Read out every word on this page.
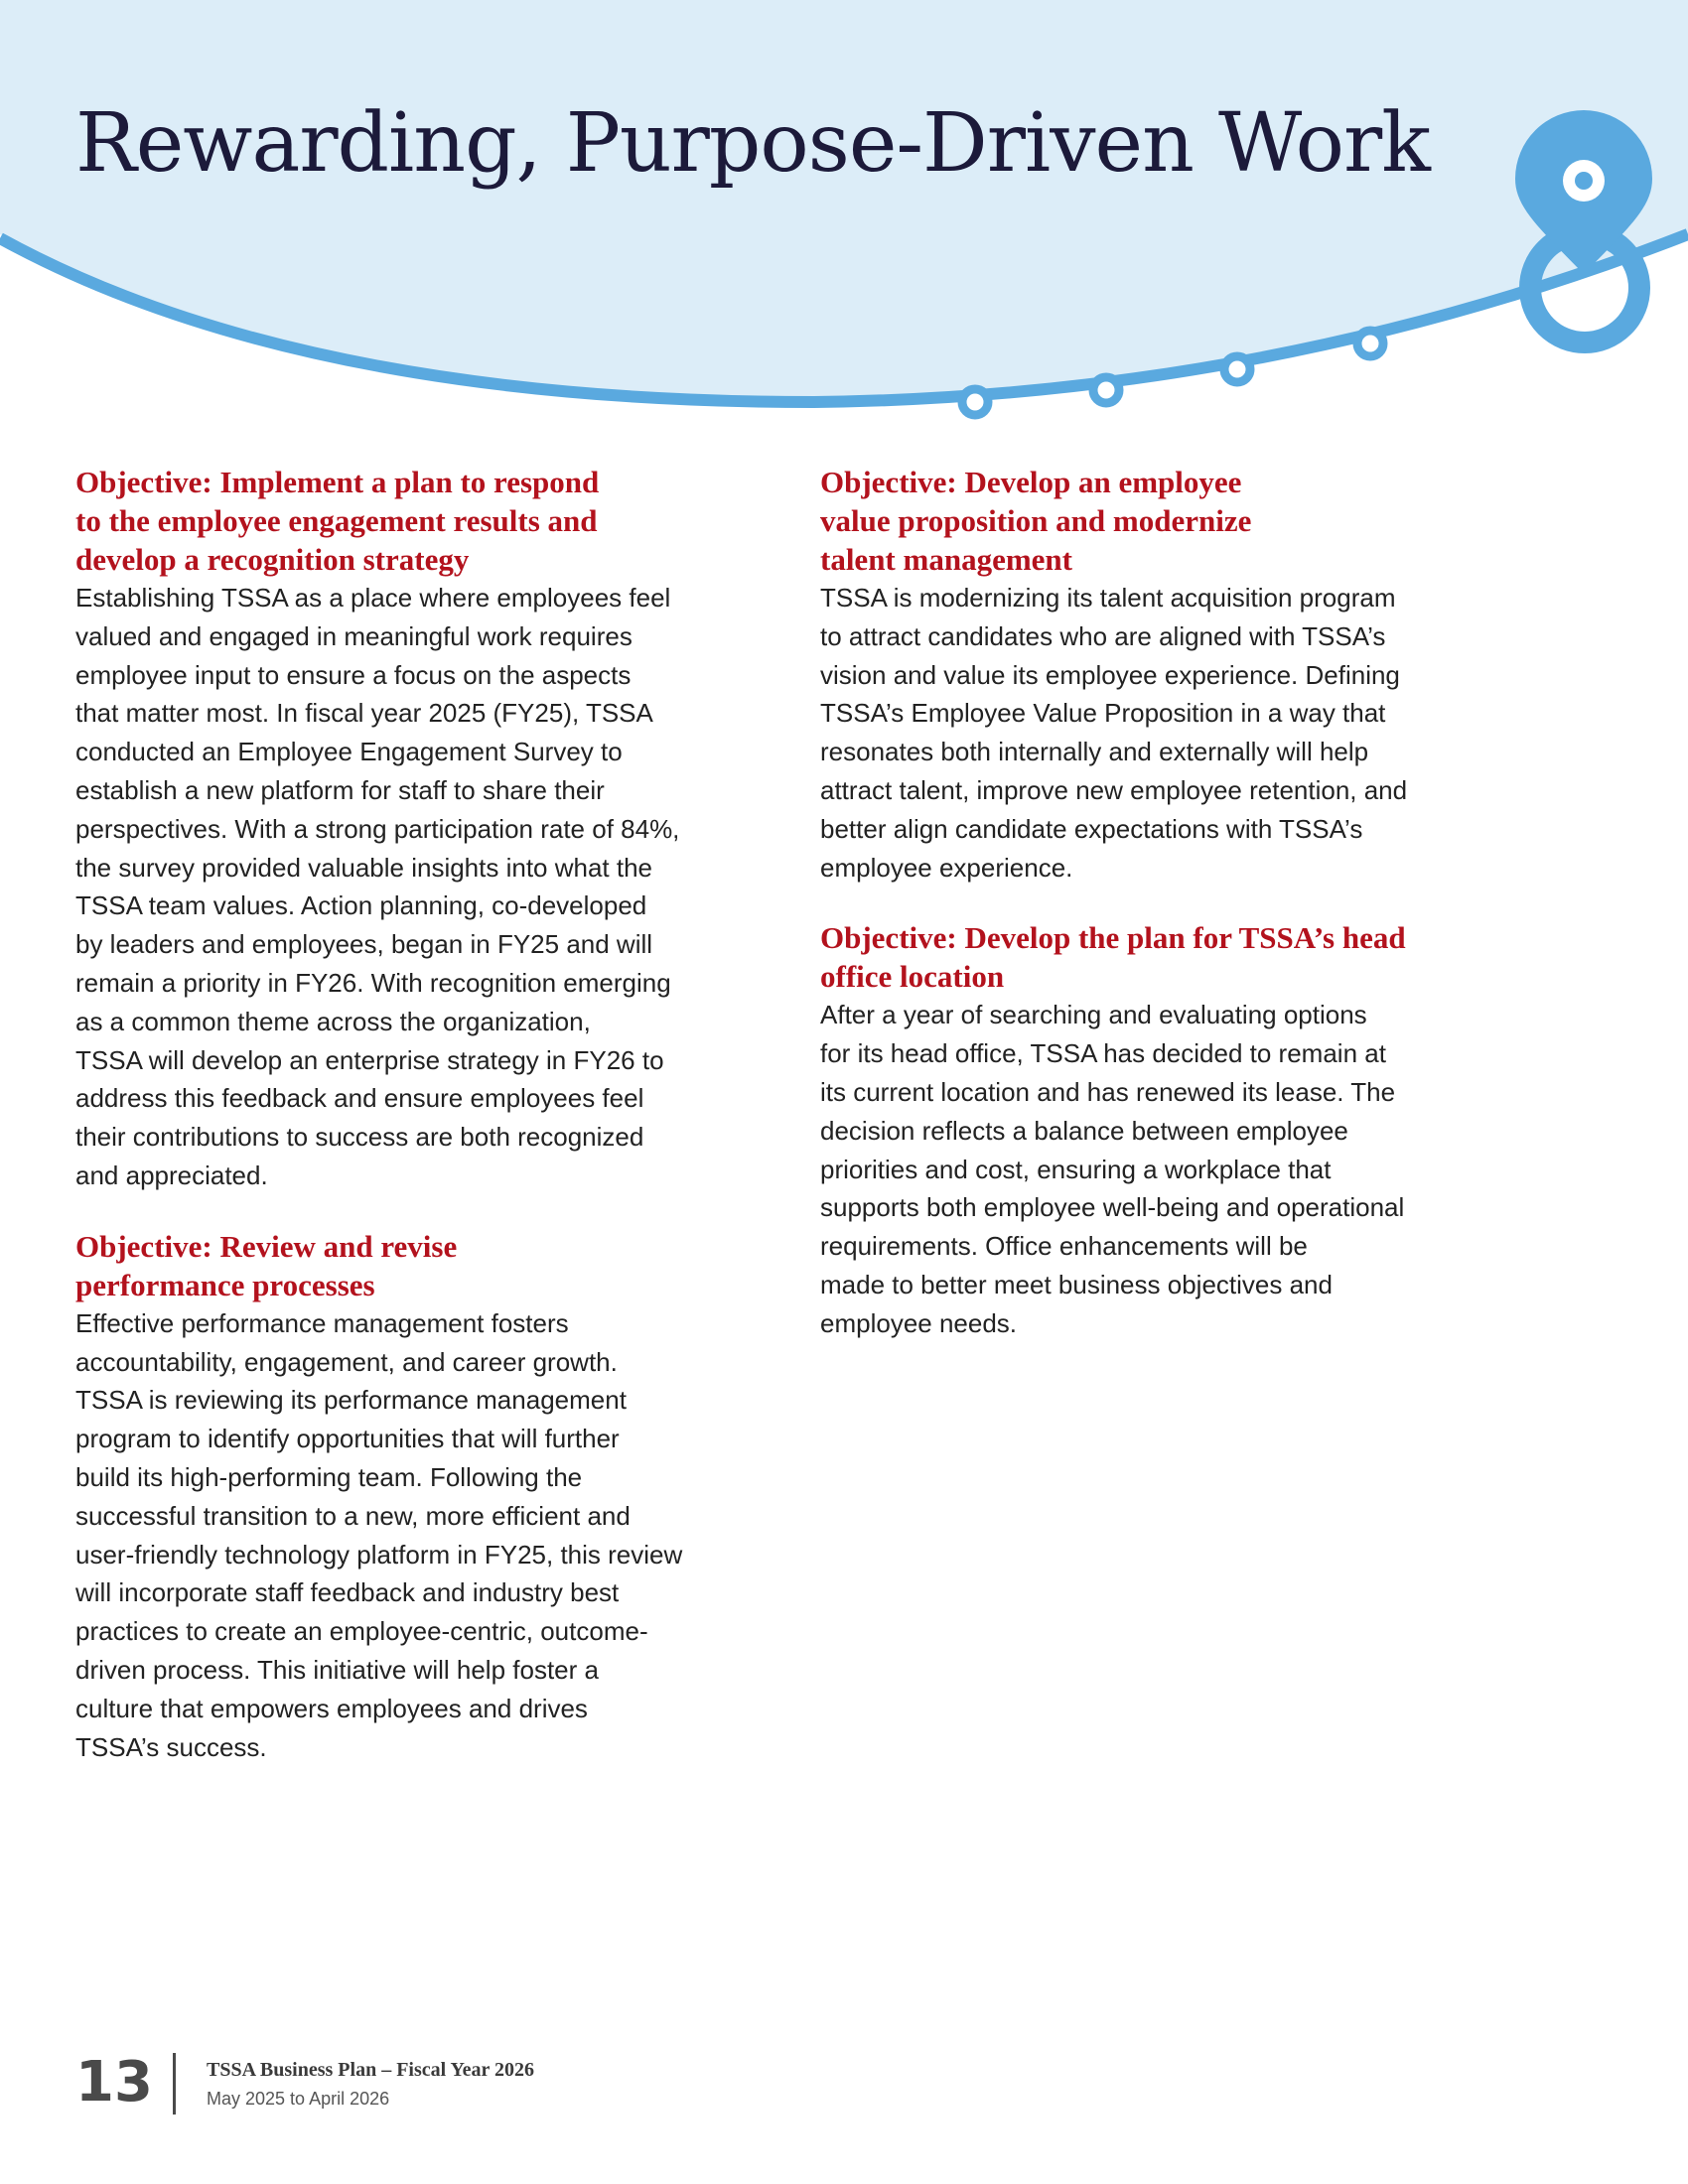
Rewarding, Purpose-Driven Work
Objective: Implement a plan to respond
to the employee engagement results and
develop a recognition strategy

Establishing TSSA as a place where employees feel
valued and engaged in meaningful work requires
employee input to ensure a focus on the aspects
that matter most. In fiscal year 2025 (FY25), TSSA
conducted an Employee Engagement Survey to
establish a new platform for staff to share their
perspectives. With a strong participation rate of 84%,
the survey provided valuable insights into what the
TSSA team values. Action planning, co-developed
by leaders and employees, began in FY25 and will
remain a priority in FY26. With recognition emerging
as a common theme across the organization,
TSSA will develop an enterprise strategy in FY26 to
address this feedback and ensure employees feel
their contributions to success are both recognized
and appreciated.

Objective: Review and revise
performance processes

Effective performance management fosters
accountability, engagement, and career growth.
TSSA is reviewing its performance management
program to identify opportunities that will further
build its high-performing team. Following the
successful transition to a new, more efficient and
user-friendly technology platform in FY25, this review
will incorporate staff feedback and industry best
practices to create an employee-centric, outcome-
driven process. This initiative will help foster a
culture that empowers employees and drives
TSSA’s success.

Objective: Develop an employee
value proposition and modernize
talent management

TSSA is modernizing its talent acquisition program
to attract candidates who are aligned with TSSA’s
vision and value its employee experience. Defining
TSSA’s Employee Value Proposition in a way that
resonates both internally and externally will help
attract talent, improve new employee retention, and
better align candidate expectations with TSSA’s
employee experience.

Objective: Develop the plan for TSSA’s head
office location

After a year of searching and evaluating options
for its head office, TSSA has decided to remain at
its current location and has renewed its lease. The
decision reflects a balance between employee
priorities and cost, ensuring a workplace that
supports both employee well-being and operational
requirements. Office enhancements will be
made to better meet business objectives and
employee needs.

13	TSSA Business Plan – Fiscal Year 2026
May 2025 to April 2026
